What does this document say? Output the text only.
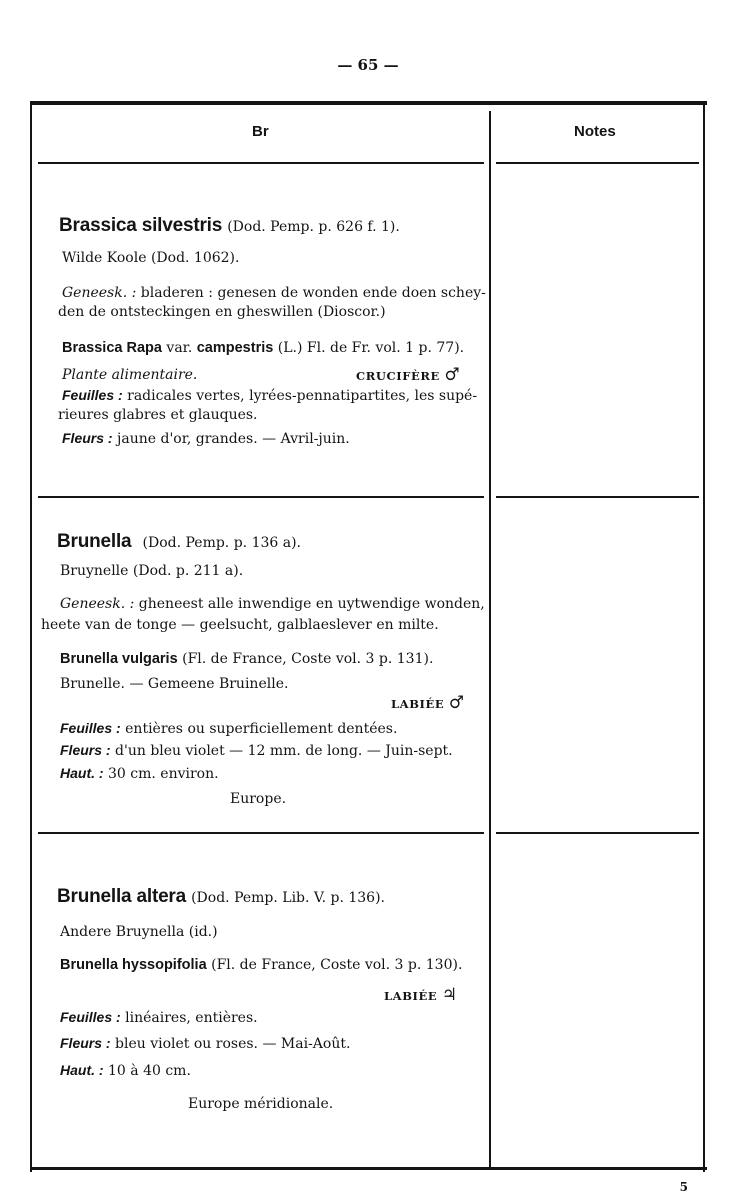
— 65 —
Br	Notes
Brassica silvestris (Dod. Pemp. p. 626 f. 1).
Wilde Koole (Dod. 1062).
Geneesk. : bladeren : genesen de wonden ende doen schey-
den de ontsteckingen en gheswillen (Dioscor.)
Brassica Rapa var. campestris (L.) Fl. de Fr. vol. 1 p. 77).
Plante alimentaire.	CRUCIFÈRE ♂
Feuilles : radicales vertes, lyrées-pennatipartites, les supé-
rieures glabres et glauques.
Fleurs : jaune d'or, grandes. — Avril-juin.
Brunella (Dod. Pemp. p. 136 a).
Bruynelle (Dod. p. 211 a).
Geneesk. : gheneest alle inwendige en uytwendige wonden,
heete van de tonge — geelsucht, galblaeslever en milte.
Brunella vulgaris (Fl. de France, Coste vol. 3 p. 131).
Brunelle. — Gemeene Bruinelle.
LABIÉE ♂
Feuilles : entières ou superficiellement dentées.
Fleurs : d'un bleu violet — 12 mm. de long. — Juin-sept.
Haut. : 30 cm. environ.
Europe.
Brunella altera (Dod. Pemp. Lib. V. p. 136).
Andere Bruynella (id.)
Brunella hyssopifolia (Fl. de France, Coste vol. 3 p. 130).
LABIÉE ♃
Feuilles : linéaires, entières.
Fleurs : bleu violet ou roses. — Mai-Août.
Haut. : 10 à 40 cm.
Europe méridionale.
5
